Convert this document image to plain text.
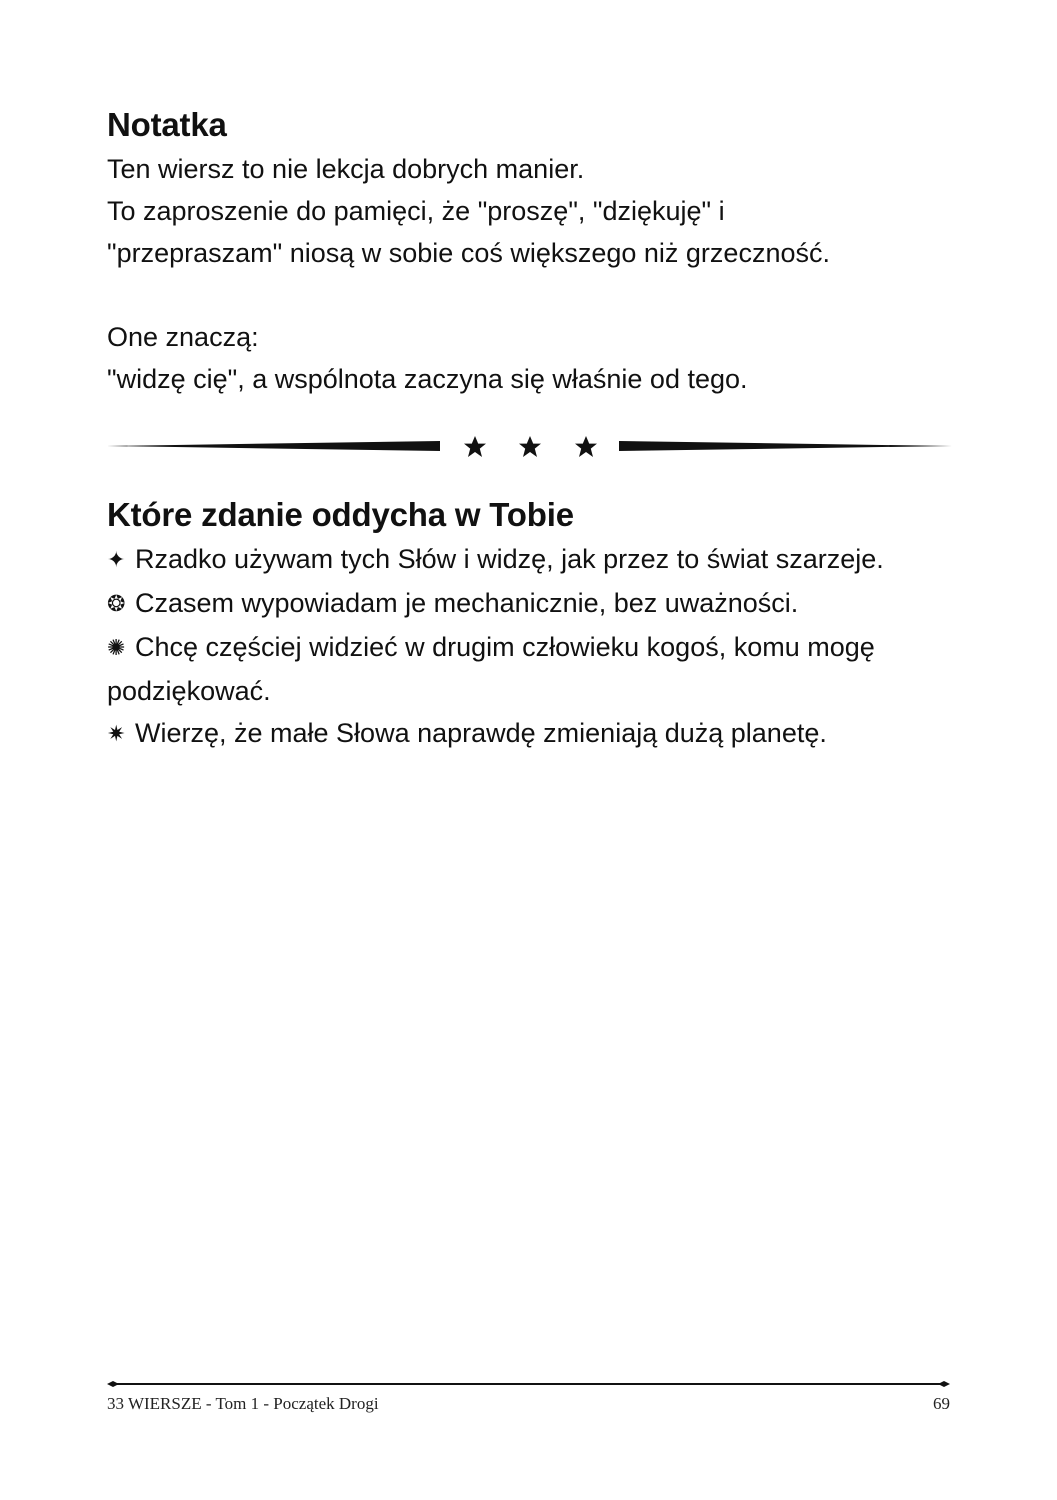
Notatka

Ten wiersz to nie lekcja dobrych manier.

To zaproszenie do pamięci, że "proszę", "dziękuję" i

"przepraszam" niosą w sobie coś większego niż grzeczność.

One znaczą:

"widzę cię", a wspólnota zaczyna się właśnie od tego.

Które zdanie oddycha w Tobie

✦ Rzadko używam tych Słów i widzę, jak przez to świat szarzeje.

❂ Czasem wypowiadam je mechanicznie, bez uważności.

✺ Chcę częściej widzieć w drugim człowieku kogoś, komu mogę podziękować.

✷ Wierzę, że małe Słowa naprawdę zmieniają dużą planetę.

33 WIERSZE - Tom 1 - Początek Drogi	69
